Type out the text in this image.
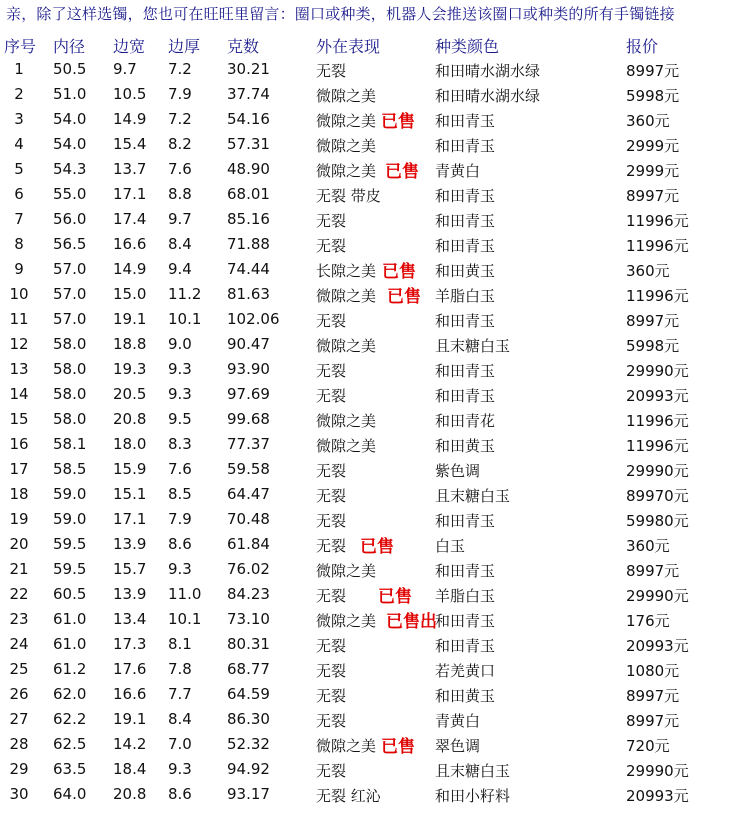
亲，除了这样选镯，您也可在旺旺里留言：圈口或种类，机器人会推送该圈口或种类的所有手镯链接
序号 内径 边宽 边厚 克数	外在表现	种类颜色	报价
1	50.5 9.7 7.2 30.21	无裂	和田晴水湖水绿	8997元
2	51.0 10.5 7.9 37.74	微隙之美	和田晴水湖水绿	5998元
3	54.0 14.9 7.2 54.16	微隙之美	和田青玉	360元
已售
4	54.0 15.4 8.2 57.31	微隙之美	和田青玉	2999元
5	54.3 13.7 7.6 48.90	微隙之美	青黄白	2999元
已售
6	55.0 17.1 8.8 68.01	无裂 带皮	和田青玉	8997元
7	56.0 17.4 9.7 85.16	无裂	和田青玉	11996元
8	56.5 16.6 8.4 71.88	无裂	和田青玉	11996元
9	57.0 14.9 9.4 74.44	长隙之美	和田黄玉	360元
已售
10 57.0 15.0 11.2 81.63	微隙之美	羊脂白玉	11996元
已售
11 57.0 19.1 10.1 102.06 无裂	和田青玉	8997元
12 58.0 18.8 9.0 90.47	微隙之美	且末糖白玉	5998元
13 58.0 19.3 9.3 93.90	无裂	和田青玉	29990元
14 58.0 20.5 9.3 97.69	无裂	和田青玉	20993元
15 58.0 20.8 9.5 99.68	微隙之美	和田青花	11996元
16 58.1 18.0 8.3 77.37	微隙之美	和田黄玉	11996元
17 58.5 15.9 7.6 59.58	无裂	紫色调	29990元
18 59.0 15.1 8.5 64.47	无裂	且末糖白玉	89970元
19 59.0 17.1 7.9 70.48	无裂	和田青玉	59980元
20 59.5 13.9 8.6 61.84	无裂	白玉	360元
已售
21 59.5 15.7 9.3 76.02	微隙之美	和田青玉	8997元
22 60.5 13.9 11.0 84.23	无裂	羊脂白玉	29990元
已售
23 61.0 13.4 10.1 73.10	微隙之美	和田青玉	176元
已售出
24 61.0 17.3 8.1 80.31	无裂	和田青玉	20993元
25 61.2 17.6 7.8 68.77	无裂	若羌黄口	1080元
26 62.0 16.6 7.7 64.59	无裂	和田黄玉	8997元
27 62.2 19.1 8.4 86.30	无裂	青黄白	8997元
28 62.5 14.2 7.0 52.32	微隙之美	翠色调	720元
已售
29 63.5 18.4 9.3 94.92	无裂	且末糖白玉	29990元
30 64.0 20.8 8.6 93.17	无裂 红沁	和田小籽料	20993元
